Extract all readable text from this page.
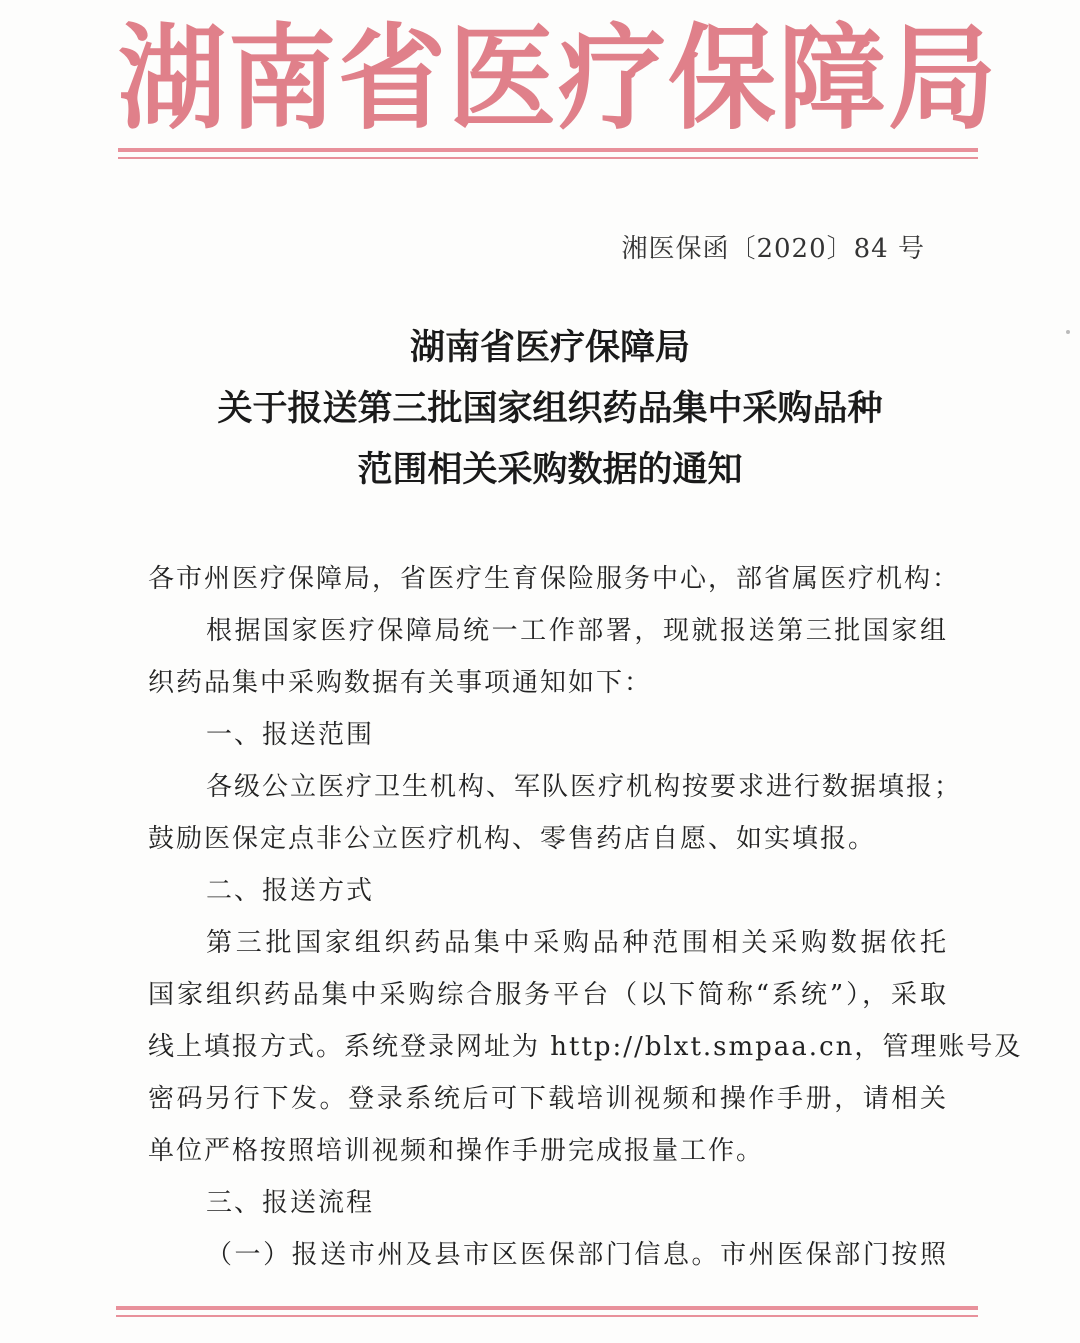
湖 南 省 医 疗 保 障 局
湘医保函〔2020〕84 号
湖南省医疗保障局
关于报送第三批国家组织药品集中采购品种
范围相关采购数据的通知
各市州医疗保障局，省医疗生育保险服务中心，部省属医疗机构：
根据国家医疗保障局统一工作部署，现就报送第三批国家组
织药品集中采购数据有关事项通知如下：
一、报送范围
各级公立医疗卫生机构、军队医疗机构按要求进行数据填报；
鼓励医保定点非公立医疗机构、零售药店自愿、如实填报。
二、报送方式
第三批国家组织药品集中采购品种范围相关采购数据依托
国家组织药品集中采购综合服务平台（以下简称“系统”），采取
线上填报方式。系统登录网址为 http://blxt.smpaa.cn，管理账号及
密码另行下发。登录系统后可下载培训视频和操作手册，请相关
单位严格按照培训视频和操作手册完成报量工作。
三、报送流程
（一）报送市州及县市区医保部门信息。市州医保部门按照
